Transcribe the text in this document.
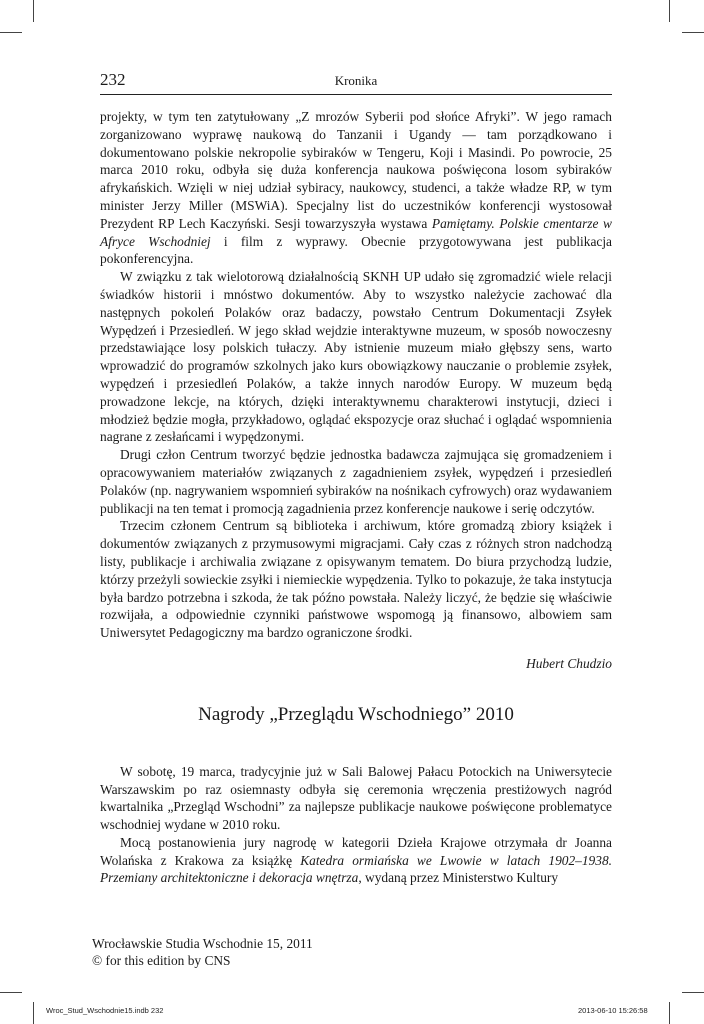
232	Kronika

projekty, w tym ten zatytułowany „Z mrozów Syberii pod słońce Afryki”. W jego ramach zorganizowano wyprawę naukową do Tanzanii i Ugandy — tam porządkowano i dokumentowano polskie nekropolie sybiraków w Tengeru, Koji i Masindi. Po powrocie, 25 marca 2010 roku, odbyła się duża konferencja naukowa poświęcona losom sybiraków afrykańskich. Wzięli w niej udział sybiracy, naukowcy, studenci, a także władze RP, w tym minister Jerzy Miller (MSWiA). Specjalny list do uczestników konferencji wystosował Prezydent RP Lech Kaczyński. Sesji towarzyszyła wystawa Pamiętamy. Polskie cmentarze w Afryce Wschodniej i film z wyprawy. Obecnie przygotowywana jest publikacja pokonferencyjna.

W związku z tak wielotorową działalnością SKNH UP udało się zgromadzić wiele relacji świadków historii i mnóstwo dokumentów. Aby to wszystko należycie zachować dla następnych pokoleń Polaków oraz badaczy, powstało Centrum Dokumentacji Zsyłek Wypędzeń i Przesiedleń. W jego skład wejdzie interaktywne muzeum, w sposób nowoczesny przedstawiające losy polskich tułaczy. Aby istnienie muzeum miało głębszy sens, warto wprowadzić do programów szkolnych jako kurs obowiązkowy nauczanie o problemie zsyłek, wypędzeń i przesiedleń Polaków, a także innych narodów Europy. W muzeum będą prowadzone lekcje, na których, dzięki interaktywnemu charakterowi instytucji, dzieci i młodzież będzie mogła, przykładowo, oglądać ekspozycje oraz słuchać i oglądać wspomnienia nagrane z zesłańcami i wypędzonymi.

Drugi człon Centrum tworzyć będzie jednostka badawcza zajmująca się gromadzeniem i opracowywaniem materiałów związanych z zagadnieniem zsyłek, wypędzeń i przesiedleń Polaków (np. nagrywaniem wspomnień sybiraków na nośnikach cyfrowych) oraz wydawaniem publikacji na ten temat i promocją zagadnienia przez konferencje naukowe i serię odczytów.

Trzecim członem Centrum są biblioteka i archiwum, które gromadzą zbiory książek i dokumentów związanych z przymusowymi migracjami. Cały czas z różnych stron nadchodzą listy, publikacje i archiwalia związane z opisywanym tematem. Do biura przychodzą ludzie, którzy przeżyli sowieckie zsyłki i niemieckie wypędzenia. Tylko to pokazuje, że taka instytucja była bardzo potrzebna i szkoda, że tak późno powstała. Należy liczyć, że będzie się właściwie rozwijała, a odpowiednie czynniki państwowe wspomogą ją finansowo, albowiem sam Uniwersytet Pedagogiczny ma bardzo ograniczone środki.

Hubert Chudzio
Nagrody „Przeglądu Wschodniego” 2010

W sobotę, 19 marca, tradycyjnie już w Sali Balowej Pałacu Potockich na Uniwersytecie Warszawskim po raz osiemnasty odbyła się ceremonia wręczenia prestiżowych nagród kwartalnika „Przegląd Wschodni” za najlepsze publikacje naukowe poświęcone problematyce wschodniej wydane w 2010 roku.

Mocą postanowienia jury nagrodę w kategorii Dzieła Krajowe otrzymała dr Joanna Wolańska z Krakowa za książkę Katedra ormiańska we Lwowie w latach 1902–1938. Przemiany architektoniczne i dekoracja wnętrza, wydaną przez Ministerstwo Kultury

Wrocławskie Studia Wschodnie 15, 2011
© for this edition by CNS
Wroc_Stud_Wschodnie15.indb 232	2013-06-10 15:26:58
